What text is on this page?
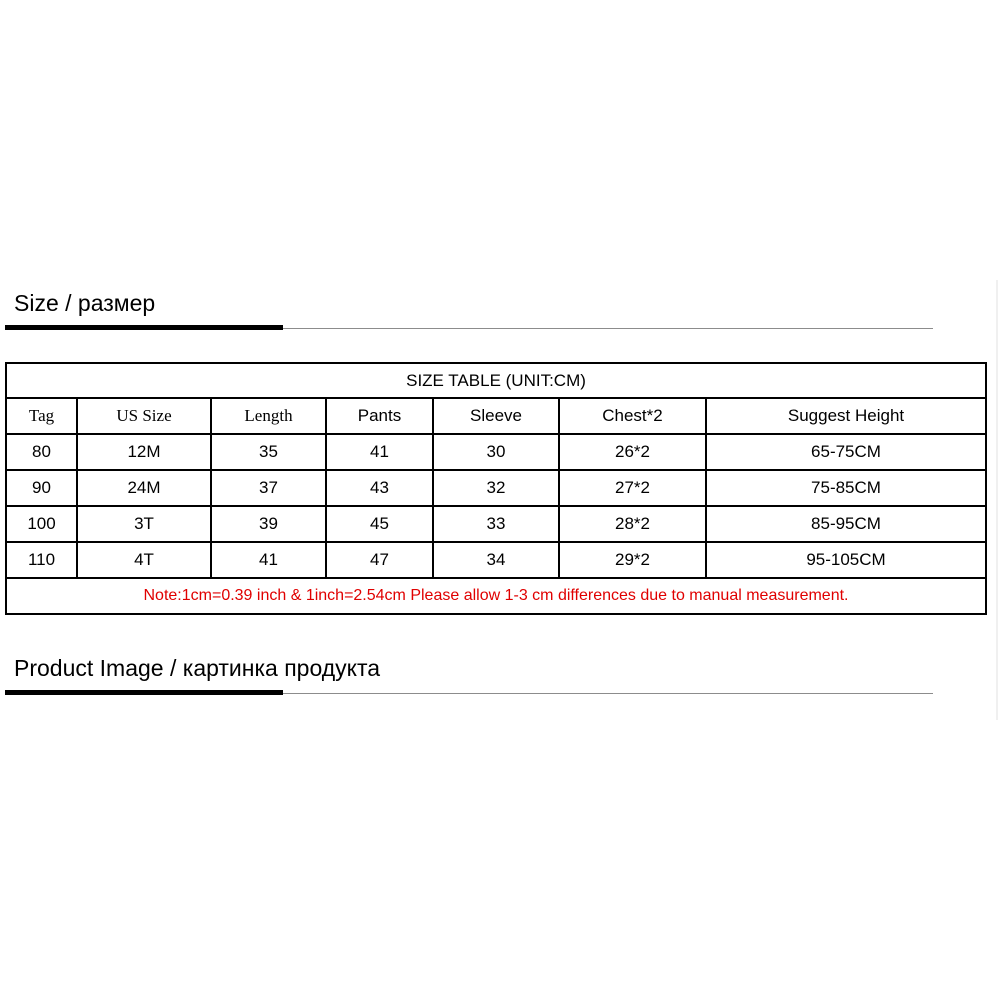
Size / размер
SIZE TABLE (UNIT:CM)						
Tag	US Size	Length	Pants	Sleeve	Chest*2	Suggest Height
80	12M	35	41	30	26*2	65-75CM
90	24M	37	43	32	27*2	75-85CM
100	3T	39	45	33	28*2	85-95CM
110	4T	41	47	34	29*2	95-105CM
Note:1cm=0.39 inch & 1inch=2.54cm Please allow 1-3 cm differences due to manual measurement.						
Product Image / картинка продукта
